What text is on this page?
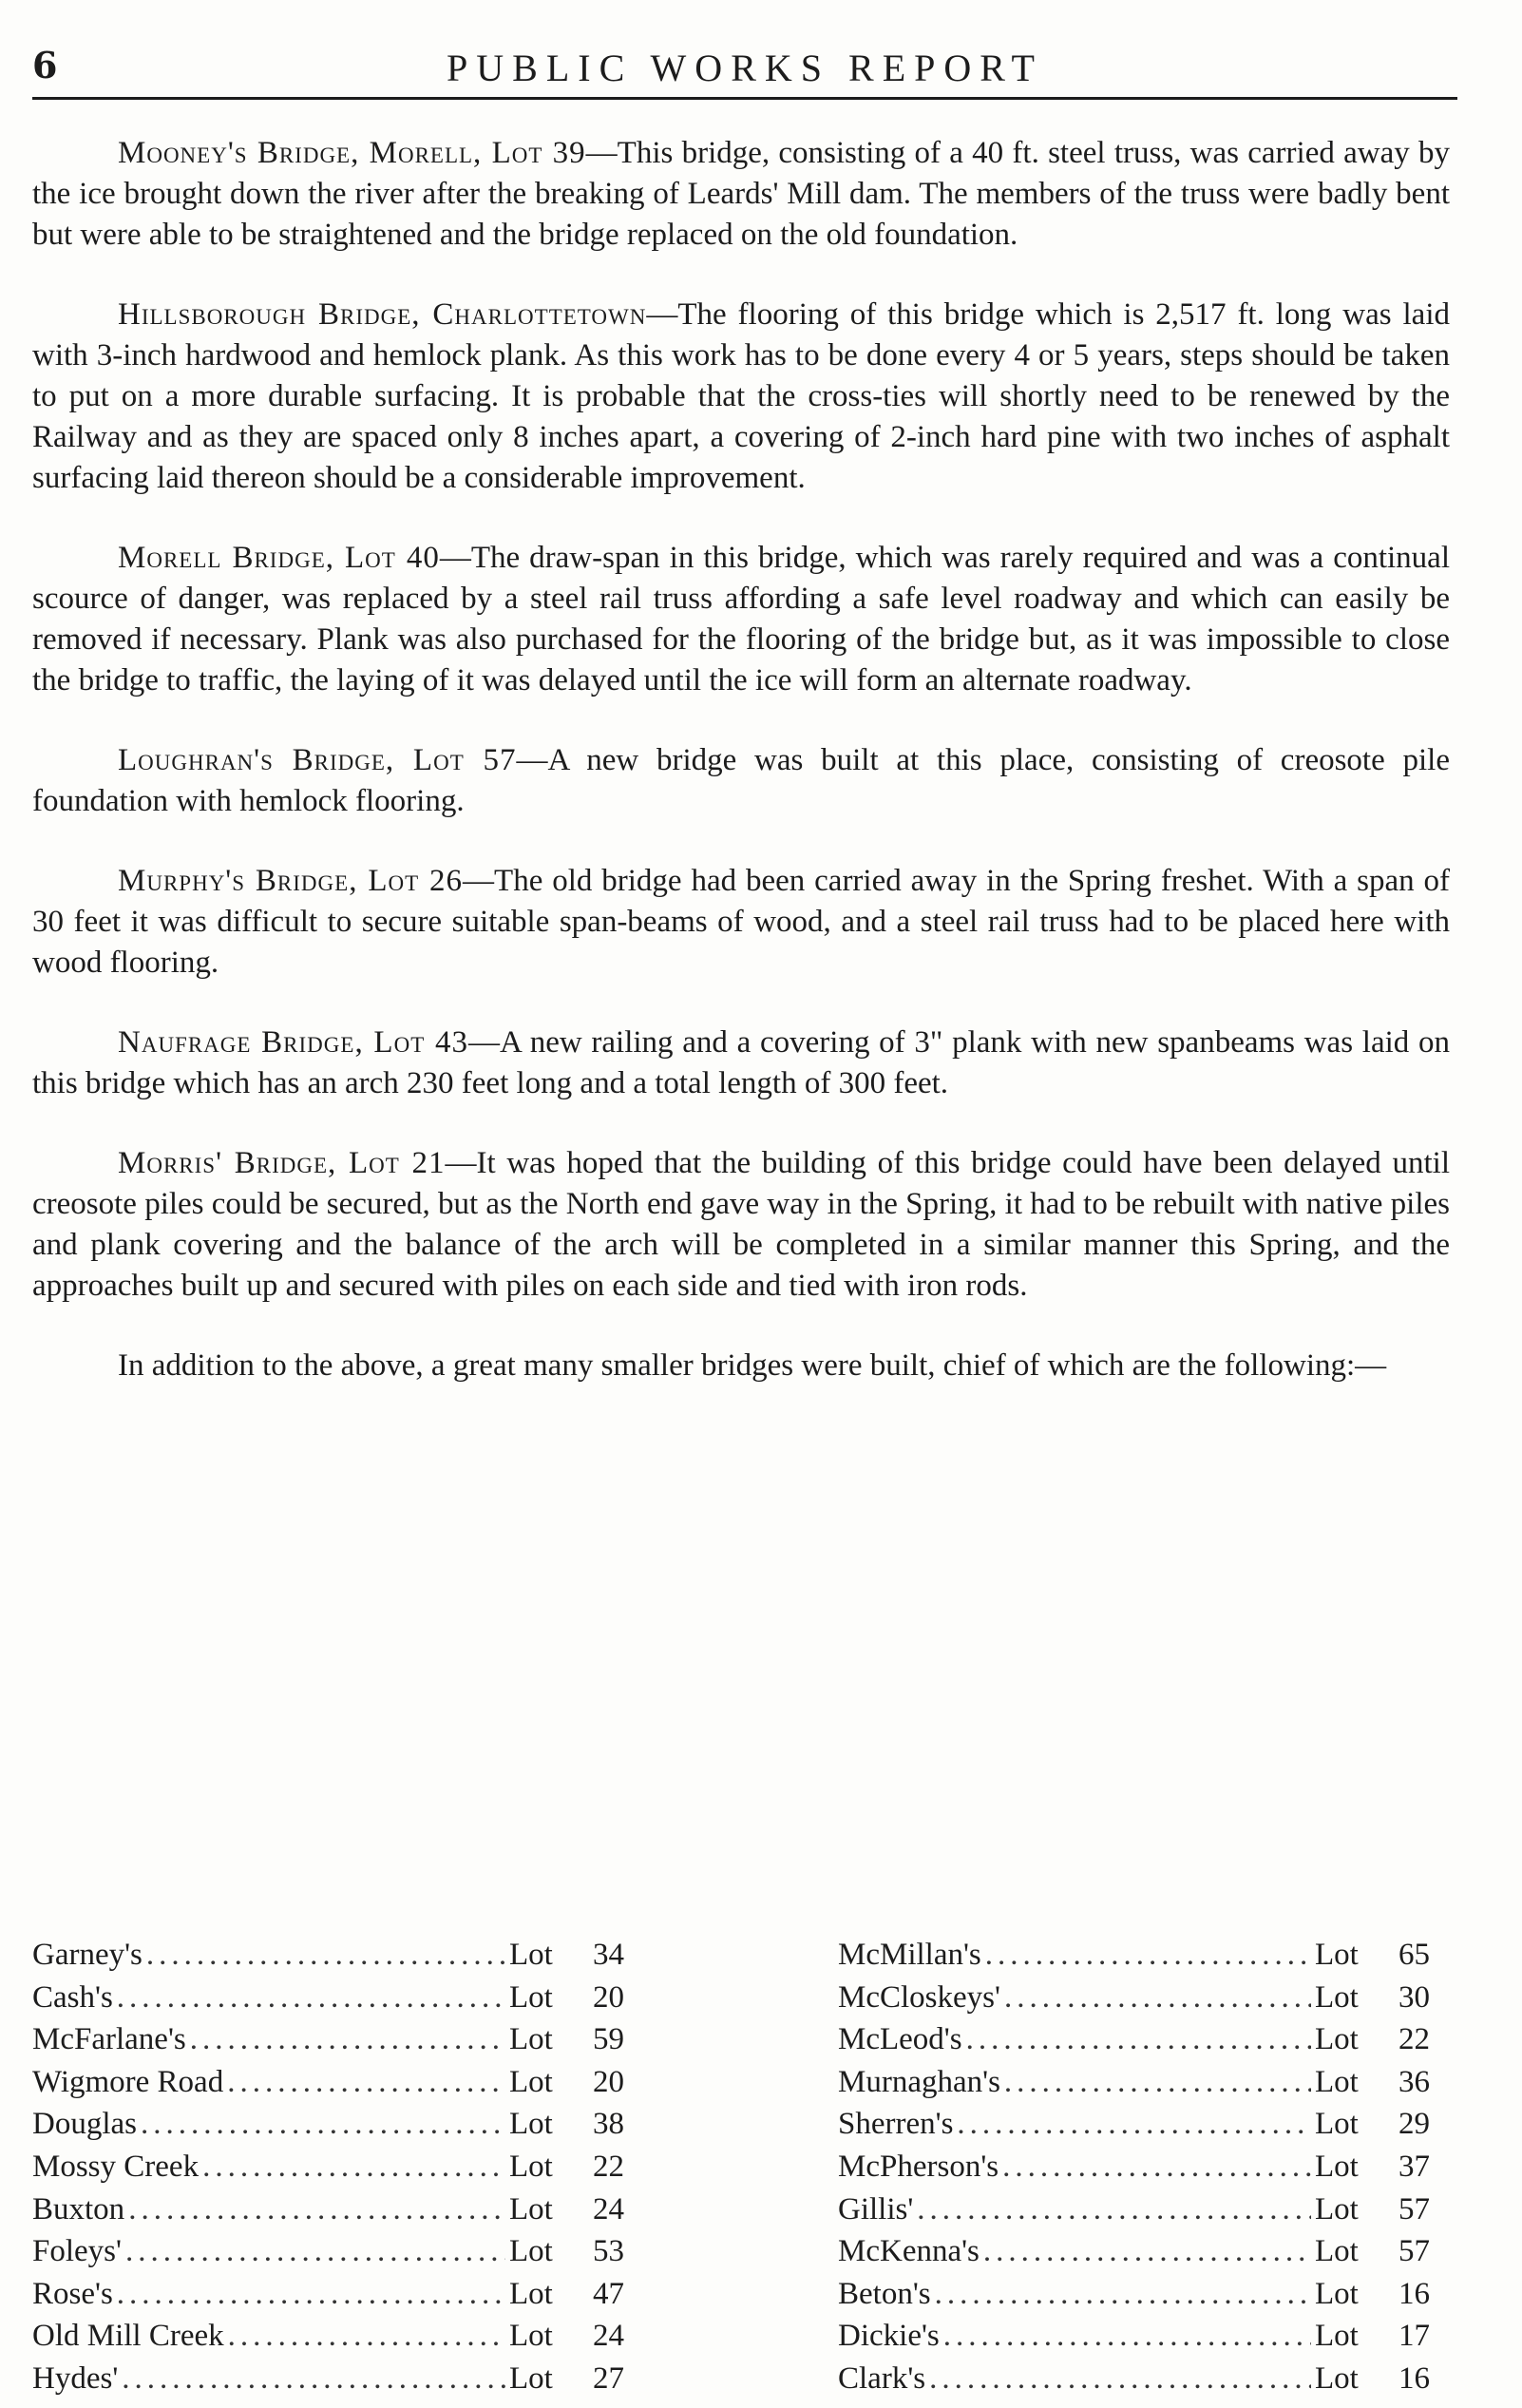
6	PUBLIC WORKS REPORT

Mooney's Bridge, Morell, Lot 39—This bridge, consisting of a 40 ft. steel truss, was carried away by the ice brought down the river after the breaking of Leards' Mill dam. The members of the truss were badly bent but were able to be straightened and the bridge replaced on the old foundation.

Hillsborough Bridge, Charlottetown—The flooring of this bridge which is 2,517 ft. long was laid with 3-inch hardwood and hemlock plank. As this work has to be done every 4 or 5 years, steps should be taken to put on a more durable surfacing. It is probable that the cross-ties will shortly need to be renewed by the Railway and as they are spaced only 8 inches apart, a covering of 2-inch hard pine with two inches of asphalt surfacing laid thereon should be a considerable improvement.

Morell Bridge, Lot 40—The draw-span in this bridge, which was rarely required and was a continual scource of danger, was replaced by a steel rail truss affording a safe level roadway and which can easily be removed if necessary. Plank was also purchased for the flooring of the bridge but, as it was impossible to close the bridge to traffic, the laying of it was delayed until the ice will form an alternate roadway.

Loughran's Bridge, Lot 57—A new bridge was built at this place, consisting of creosote pile foundation with hemlock flooring.

Murphy's Bridge, Lot 26—The old bridge had been carried away in the Spring freshet. With a span of 30 feet it was difficult to secure suitable span-beams of wood, and a steel rail truss had to be placed here with wood flooring.

Naufrage Bridge, Lot 43—A new railing and a covering of 3" plank with new spanbeams was laid on this bridge which has an arch 230 feet long and a total length of 300 feet.

Morris' Bridge, Lot 21—It was hoped that the building of this bridge could have been delayed until creosote piles could be secured, but as the North end gave way in the Spring, it had to be rebuilt with native piles and plank covering and the balance of the arch will be completed in a similar manner this Spring, and the approaches built up and secured with piles on each side and tied with iron rods.

In addition to the above, a great many smaller bridges were built, chief of which are the following:—

Garney's .....	Lot	34
Cash's .....	Lot	20
McFarlane's .....	Lot	59
Wigmore Road .....	Lot	20
Douglas .....	Lot	38
Mossy Creek .....	Lot	22
Buxton .....	Lot	24
Foleys' .....	Lot	53
Rose's .....	Lot	47
Old Mill Creek .....	Lot	24
Hydes' .....	Lot	27
McMillan's .....	Lot	65
McCloskeys' .....	Lot	30
McLeod's .....	Lot	22
Murnaghan's .....	Lot	36
Sherren's .....	Lot	29
McPherson's .....	Lot	37
Gillis' .....	Lot	57
McKenna's .....	Lot	57
Beton's .....	Lot	16
Dickie's .....	Lot	17
Clark's .....	Lot	16
